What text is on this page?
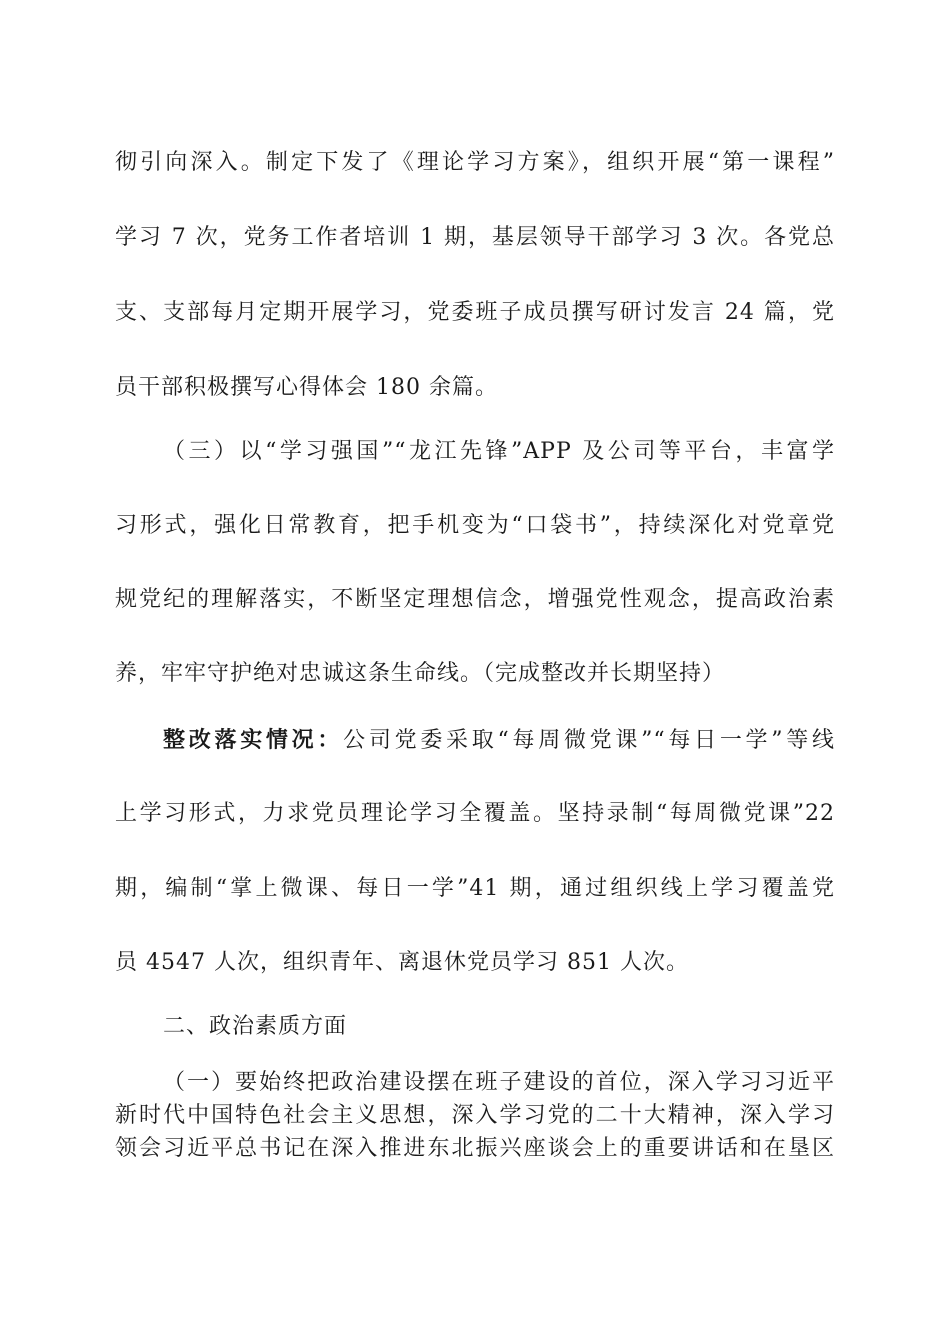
彻引向深入。制定下发了《理论学习方案》，组织开展“第一课程”
学习 7 次，党务工作者培训 1 期，基层领导干部学习 3 次。各党总
支、支部每月定期开展学习，党委班子成员撰写研讨发言 24 篇，党
员干部积极撰写心得体会 180 余篇。
（三）以“学习强国”“龙江先锋”APP 及公司等平台，丰富学
习形式，强化日常教育，把手机变为“口袋书”，持续深化对党章党
规党纪的理解落实，不断坚定理想信念，增强党性观念，提高政治素
养，牢牢守护绝对忠诚这条生命线。（完成整改并长期坚持）
整改落实情况：公司党委采取“每周微党课”“每日一学”等线
上学习形式，力求党员理论学习全覆盖。坚持录制“每周微党课”22
期，编制“掌上微课、每日一学”41 期，通过组织线上学习覆盖党
员 4547 人次，组织青年、离退休党员学习 851 人次。
二、政治素质方面
（一）要始终把政治建设摆在班子建设的首位，深入学习习近平
新时代中国特色社会主义思想，深入学习党的二十大精神，深入学习
领会习近平总书记在深入推进东北振兴座谈会上的重要讲话和在垦区
